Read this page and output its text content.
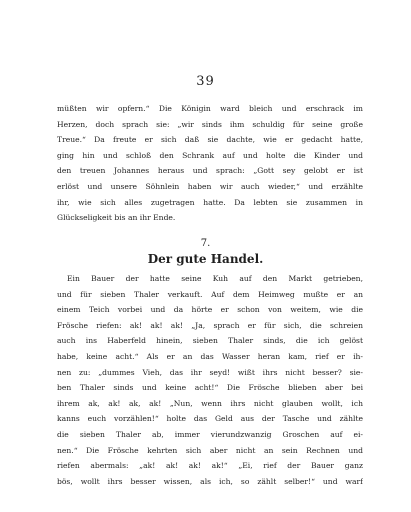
39
müßten wir opfern.“ Die Königin ward bleich und erschrack im
Herzen, doch sprach sie: „wir sinds ihm schuldig für seine große
Treue.“ Da freute er sich daß sie dachte, wie er gedacht hatte,
ging hin und schloß den Schrank auf und holte die Kinder und
den treuen Johannes heraus und sprach: „Gott sey gelobt er ist
erlöst und unsere Söhnlein haben wir auch wieder,“ und erzählte
ihr, wie sich alles zugetragen hatte. Da lebten sie zusammen in
Glückseligkeit bis an ihr Ende.
7.
Der gute Handel.
Ein Bauer der hatte seine Kuh auf den Markt getrieben,
und für sieben Thaler verkauft. Auf dem Heimweg mußte er an
einem Teich vorbei und da hörte er schon von weitem, wie die
Frösche riefen: ak! ak! ak! „Ja, sprach er für sich, die schreien
auch ins Haberfeld hinein, sieben Thaler sinds, die ich gelöst
habe, keine acht.“ Als er an das Wasser heran kam, rief er ih-
nen zu: „dummes Vieh, das ihr seyd! wißt ihrs nicht besser? sie-
ben Thaler sinds und keine acht!“ Die Frösche blieben aber bei
ihrem ak, ak! ak, ak! „Nun, wenn ihrs nicht glauben wollt, ich
kanns euch vorzählen!“ holte das Geld aus der Tasche und zählte
die sieben Thaler ab, immer vierundzwanzig Groschen auf ei-
nen.“ Die Frösche kehrten sich aber nicht an sein Rechnen und
riefen abermals: „ak! ak! ak! ak!“ „Ei, rief der Bauer ganz
bös, wollt ihrs besser wissen, als ich, so zählt selber!“ und warf
